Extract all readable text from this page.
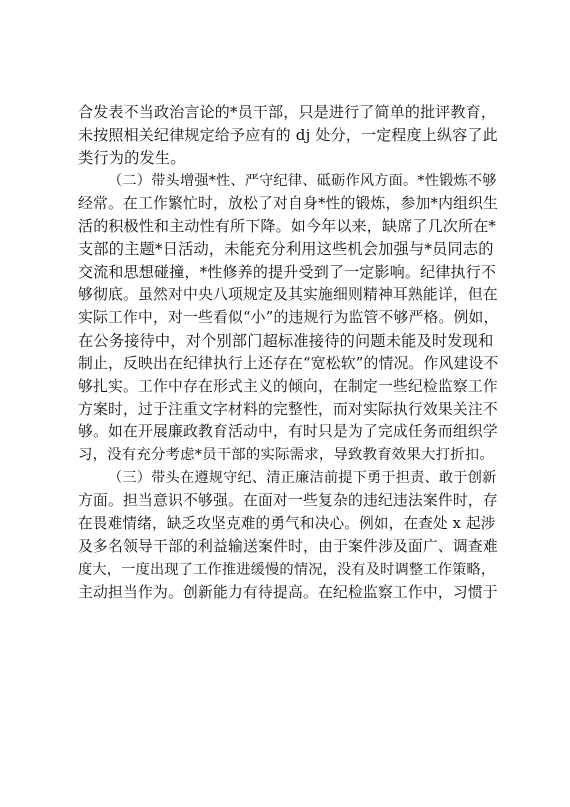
合发表不当政治言论的*员干部，只是进行了简单的批评教育，
未按照相关纪律规定给予应有的 dj 处分，一定程度上纵容了此
类行为的发生。
（二）带头增强*性、严守纪律、砥砺作风方面。*性锻炼不够
经常。在工作繁忙时，放松了对自身*性的锻炼，参加*内组织生
活的积极性和主动性有所下降。如今年以来，缺席了几次所在*
支部的主题*日活动，未能充分利用这些机会加强与*员同志的
交流和思想碰撞，*性修养的提升受到了一定影响。纪律执行不
够彻底。虽然对中央八项规定及其实施细则精神耳熟能详，但在
实际工作中，对一些看似“小”的违规行为监管不够严格。例如，
在公务接待中，对个别部门超标准接待的问题未能及时发现和
制止，反映出在纪律执行上还存在“宽松软”的情况。作风建设不
够扎实。工作中存在形式主义的倾向，在制定一些纪检监察工作
方案时，过于注重文字材料的完整性，而对实际执行效果关注不
够。如在开展廉政教育活动中，有时只是为了完成任务而组织学
习，没有充分考虑*员干部的实际需求，导致教育效果大打折扣。
（三）带头在遵规守纪、清正廉洁前提下勇于担责、敢于创新
方面。担当意识不够强。在面对一些复杂的违纪违法案件时，存
在畏难情绪，缺乏攻坚克难的勇气和决心。例如，在查处 x 起涉
及多名领导干部的利益输送案件时，由于案件涉及面广、调查难
度大，一度出现了工作推进缓慢的情况，没有及时调整工作策略，
主动担当作为。创新能力有待提高。在纪检监察工作中，习惯于
